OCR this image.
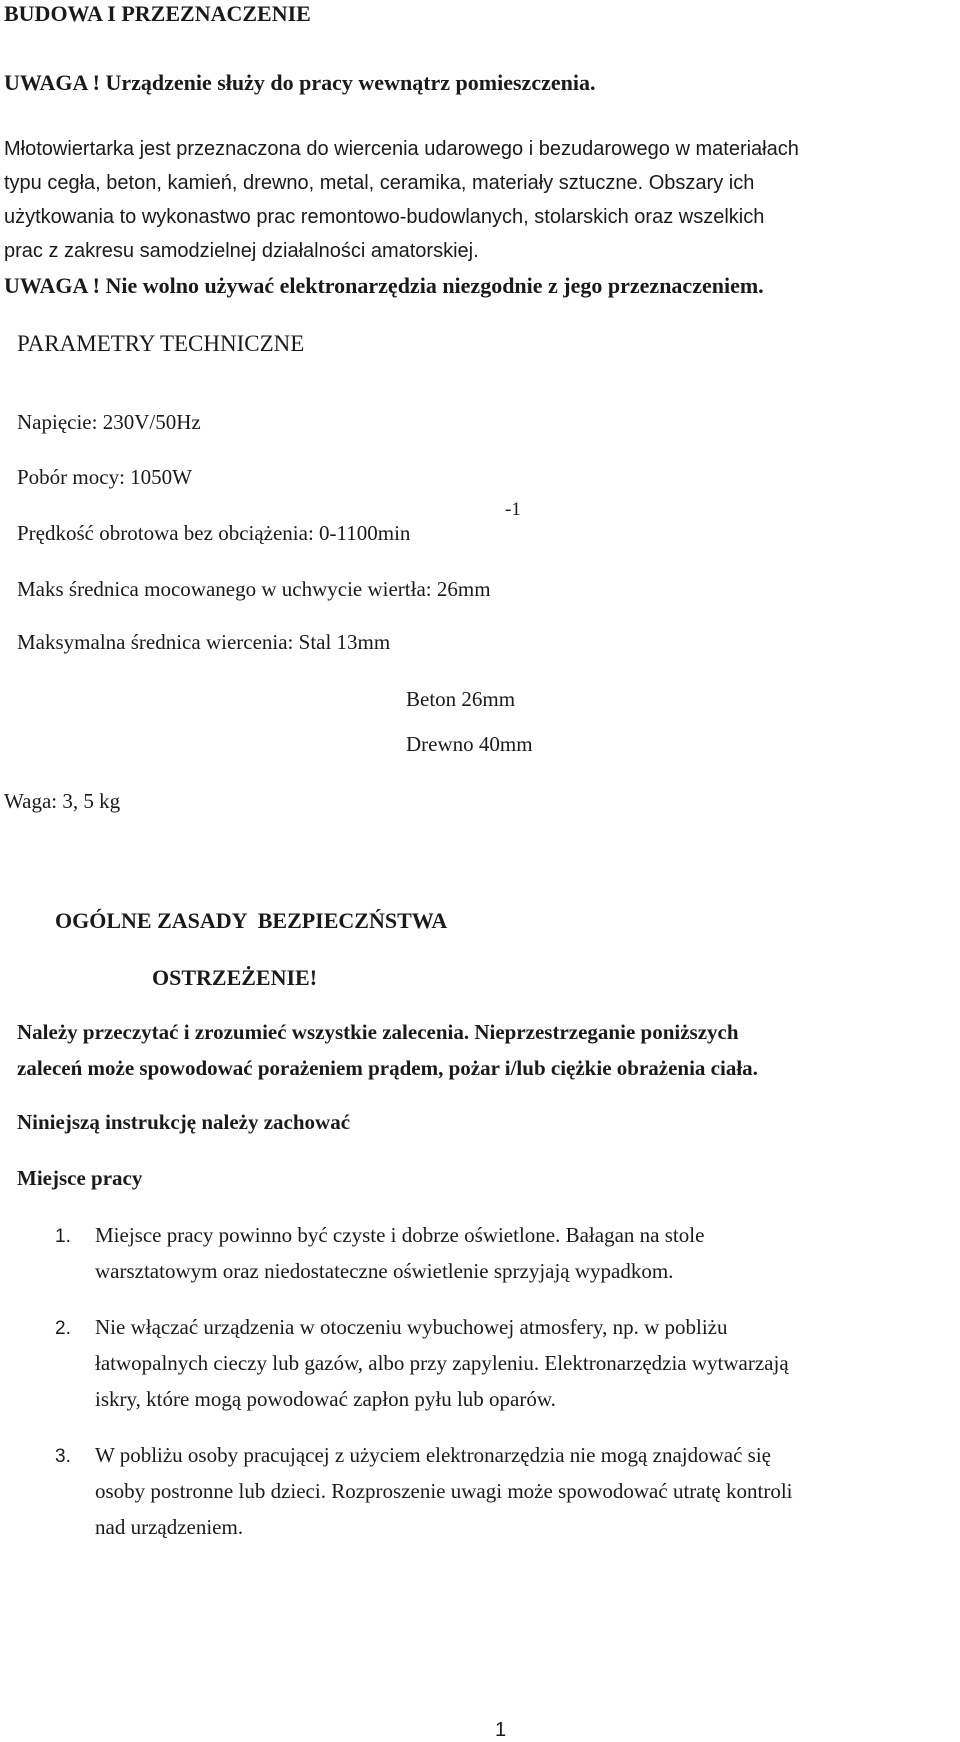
BUDOWA I PRZEZNACZENIE

UWAGA ! Urządzenie służy do pracy wewnątrz pomieszczenia.

Młotowiertarka jest przeznaczona do wiercenia udarowego i bezudarowego w materiałach

typu cegła, beton, kamień, drewno, metal, ceramika, materiały sztuczne. Obszary ich

użytkowania to wykonastwo prac remontowo-budowlanych, stolarskich oraz wszelkich

prac z zakresu samodzielnej działalności amatorskiej.

UWAGA ! Nie wolno używać elektronarzędzia niezgodnie z jego przeznaczeniem.

PARAMETRY TECHNICZNE

Napięcie: 230V/50Hz

Pobór mocy: 1050W

Prędkość obrotowa bez obciążenia: 0-1100min
-1

Maks średnica mocowanego w uchwycie wiertła: 26mm

Maksymalna średnica wiercenia: Stal 13mm

Beton 26mm

Drewno 40mm

Waga: 3, 5 kg

OGÓLNE ZASADY  BEZPIECZŃSTWA

OSTRZEŻENIE!

Należy przeczytać i zrozumieć wszystkie zalecenia. Nieprzestrzeganie poniższych

zaleceń może spowodować porażeniem prądem, pożar i/lub ciężkie obrażenia ciała.

Niniejszą instrukcję należy zachować

Miejsce pracy

1. Miejsce pracy powinno być czyste i dobrze oświetlone. Bałagan na stole

warsztatowym oraz niedostateczne oświetlenie sprzyjają wypadkom.

2. Nie włączać urządzenia w otoczeniu wybuchowej atmosfery, np. w pobliżu

łatwopalnych cieczy lub gazów, albo przy zapyleniu. Elektronarzędzia wytwarzają

iskry, które mogą powodować zapłon pyłu lub oparów.

3. W pobliżu osoby pracującej z użyciem elektronarzędzia nie mogą znajdować się

osoby postronne lub dzieci. Rozproszenie uwagi może spowodować utratę kontroli

nad urządzeniem.

1
